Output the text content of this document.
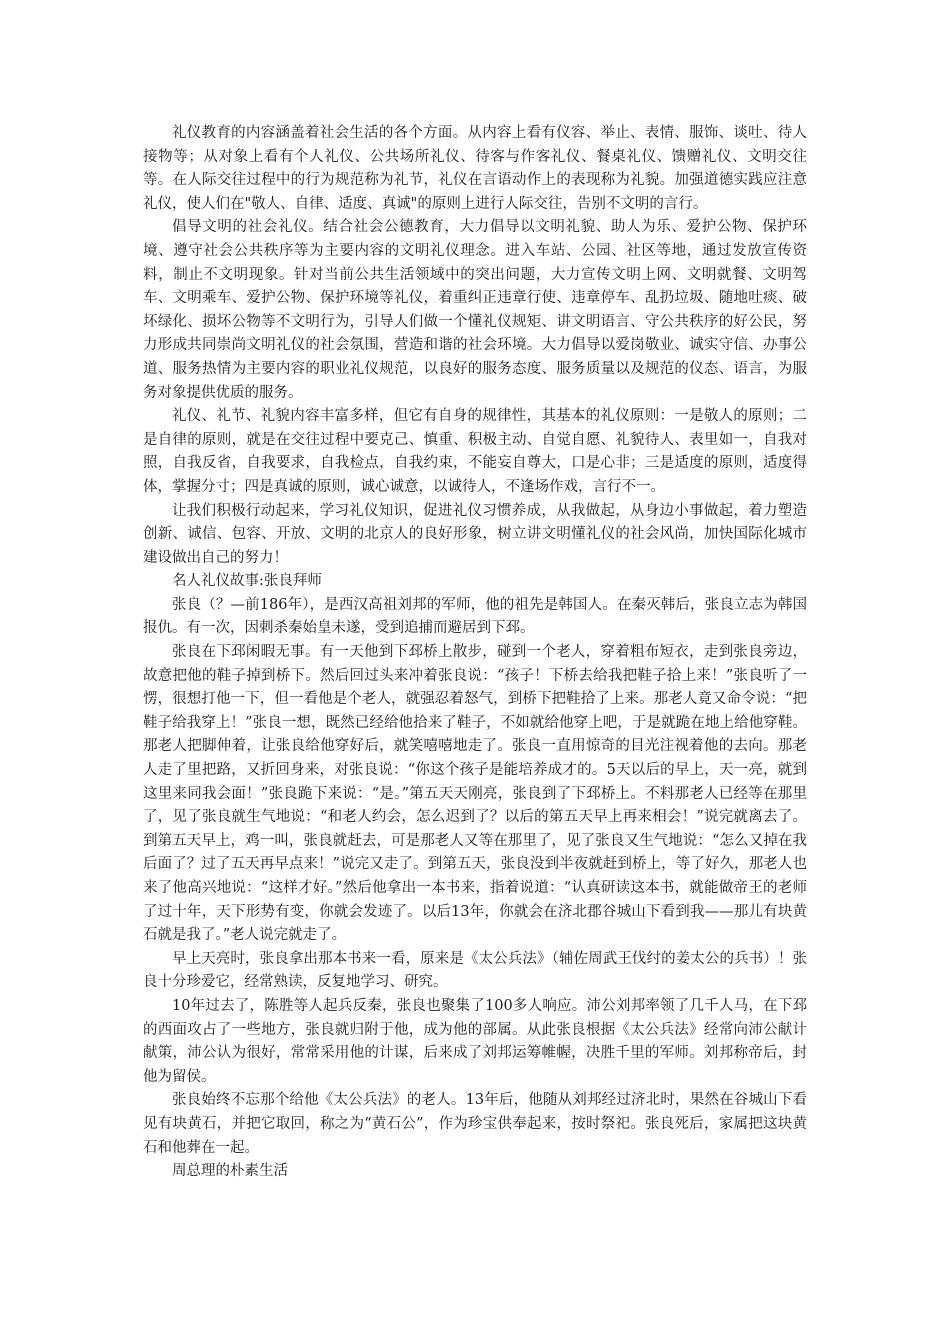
礼仪教育的内容涵盖着社会生活的各个方面。从内容上看有仪容、举止、表情、服饰、谈吐、待人接物等；从对象上看有个人礼仪、公共场所礼仪、待客与作客礼仪、餐桌礼仪、馈赠礼仪、文明交往等。在人际交往过程中的行为规范称为礼节，礼仪在言语动作上的表现称为礼貌。加强道德实践应注意礼仪，使人们在"敬人、自律、适度、真诚"的原则上进行人际交往，告别不文明的言行。

倡导文明的社会礼仪。结合社会公德教育，大力倡导以文明礼貌、助人为乐、爱护公物、保护环境、遵守社会公共秩序等为主要内容的文明礼仪理念。进入车站、公园、社区等地，通过发放宣传资料，制止不文明现象。针对当前公共生活领域中的突出问题，大力宣传文明上网、文明就餐、文明驾车、文明乘车、爱护公物、保护环境等礼仪，着重纠正违章行使、违章停车、乱扔垃圾、随地吐痰、破坏绿化、损坏公物等不文明行为，引导人们做一个懂礼仪规矩、讲文明语言、守公共秩序的好公民，努力形成共同崇尚文明礼仪的社会氛围，营造和谐的社会环境。大力倡导以爱岗敬业、诚实守信、办事公道、服务热情为主要内容的职业礼仪规范，以良好的服务态度、服务质量以及规范的仪态、语言，为服务对象提供优质的服务。

礼仪、礼节、礼貌内容丰富多样，但它有自身的规律性，其基本的礼仪原则：一是敬人的原则；二是自律的原则，就是在交往过程中要克己、慎重、积极主动、自觉自愿、礼貌待人、表里如一，自我对照，自我反省，自我要求，自我检点，自我约束，不能妄自尊大，口是心非；三是适度的原则，适度得体，掌握分寸；四是真诚的原则，诚心诚意，以诚待人，不逢场作戏，言行不一。

让我们积极行动起来，学习礼仪知识，促进礼仪习惯养成，从我做起，从身边小事做起，着力塑造创新、诚信、包容、开放、文明的北京人的良好形象，树立讲文明懂礼仪的社会风尚，加快国际化城市建设做出自己的努力！

名人礼仪故事:张良拜师

张良（？—前186年），是西汉高祖刘邦的军师，他的祖先是韩国人。在秦灭韩后，张良立志为韩国报仇。有一次，因刺杀秦始皇未遂，受到追捕而避居到下邳。

张良在下邳闲暇无事。有一天他到下邳桥上散步，碰到一个老人，穿着粗布短衣，走到张良旁边，故意把他的鞋子掉到桥下。然后回过头来冲着张良说：“孩子！下桥去给我把鞋子拾上来！”张良听了一愣，很想打他一下，但一看他是个老人，就强忍着怒气，到桥下把鞋拾了上来。那老人竟又命令说：“把鞋子给我穿上！”张良一想，既然已经给他拾来了鞋子，不如就给他穿上吧，于是就跪在地上给他穿鞋。那老人把脚伸着，让张良给他穿好后，就笑嘻嘻地走了。张良一直用惊奇的目光注视着他的去向。那老人走了里把路，又折回身来，对张良说：“你这个孩子是能培养成才的。5天以后的早上，天一亮，就到这里来同我会面！”张良跪下来说：“是。”第五天天刚亮，张良到了下邳桥上。不料那老人已经等在那里了，见了张良就生气地说：“和老人约会，怎么迟到了？以后的第五天早上再来相会！”说完就离去了。到第五天早上，鸡一叫，张良就赶去，可是那老人又等在那里了，见了张良又生气地说：“怎么又掉在我后面了？过了五天再早点来！”说完又走了。到第五天，张良没到半夜就赶到桥上，等了好久，那老人也来了他高兴地说：“这样才好。”然后他拿出一本书来，指着说道：“认真研读这本书，就能做帝王的老师了过十年，天下形势有变，你就会发迹了。以后13年，你就会在济北郡谷城山下看到我——那儿有块黄石就是我了。”老人说完就走了。

早上天亮时，张良拿出那本书来一看，原来是《太公兵法》（辅佐周武王伐纣的姜太公的兵书）！张良十分珍爱它，经常熟读，反复地学习、研究。

10年过去了，陈胜等人起兵反秦，张良也聚集了100多人响应。沛公刘邦率领了几千人马，在下邳的西面攻占了一些地方，张良就归附于他，成为他的部属。从此张良根据《太公兵法》经常向沛公献计献策，沛公认为很好，常常采用他的计谋，后来成了刘邦运筹帷幄，决胜千里的军师。刘邦称帝后，封他为留侯。

张良始终不忘那个给他《太公兵法》的老人。13年后，他随从刘邦经过济北时，果然在谷城山下看见有块黄石，并把它取回，称之为“黄石公”，作为珍宝供奉起来，按时祭祀。张良死后，家属把这块黄石和他葬在一起。

周总理的朴素生活
